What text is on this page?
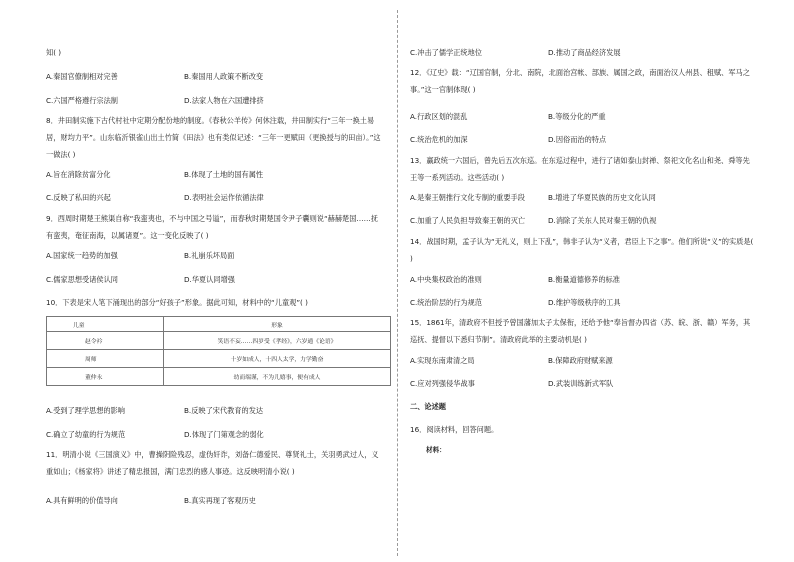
知( )
A.秦国官僚制相对完善	B.秦国用人政策不断改变
C.六国严格遵行宗法制	D.法家人物在六国遭排挤
8．井田制实施下古代村社中定期分配份地的制度。《春秋公羊传》何休注载，井田制实行“三年一换土易居，财均力平”。山东临沂银雀山出土竹简《田法》也有类似记述：“三年一更赋田（更换授与的田亩）。”这一做法( )
A.旨在消除贫富分化	B.体现了土地的国有属性
C.反映了私田的兴起	D.表明社会运作依循法律
9．西周时期楚王熊渠自称“我蛮夷也，不与中国之号谥”，而春秋时期楚国令尹子囊则说“赫赫楚国……抚有蛮夷，奄征南海，以属诸夏”。这一变化反映了( )
A.国家统一趋势的加强	B.礼崩乐坏局面
C.儒家思想受诸侯认同	D.华夏认同增强
10．下表是宋人笔下涌现出的部分“好孩子”形象。据此可知，材料中的“儿童观”( )
儿童	形象
赵令衿	笑语不妄……四岁受《孝经》，六岁通《论语》
周师	十岁如成人，十四人太学，力学勤奋
董仲永	幼而端谨，不为儿嬉事，便有成人
A.受到了理学思想的影响	B.反映了宋代教育的发达
C.确立了幼童的行为规范	D.体现了门第观念的弱化
11．明清小说《三国演义》中，曹操阴险残忍，虚伪奸诈，刘备仁德爱民、尊贤礼士，关羽勇武过人，义重如山；《杨家将》讲述了精忠报国，满门忠烈的感人事迹。这反映明清小说( )
A.具有鲜明的价值导向	B.真实再现了客观历史
C.冲击了儒学正统地位	D.推动了商品经济发展
12．《辽史》载：“辽国官制，分北、南院，北面治宫帐、部族、属国之政，南面治汉人州县、租赋、军马之事。”这一官制体现( )
A.行政区划的混乱	B.等级分化的严重
C.统治危机的加深	D.因俗而治的特点
13．赢政统一六国后，曾先后五次东巡。在东巡过程中，进行了诸如泰山封禅、祭祀文化名山和尧、舜等先王等一系列活动。这些活动( )
A.是秦王朝推行文化专制的重要手段	B.增进了华夏民族的历史文化认同
C.加重了人民负担导致秦王朝的灭亡	D.消除了关东人民对秦王朝的仇视
14．战国时期，孟子认为“无礼义，则上下乱”，韩非子认为“义者，君臣上下之事”。他们所说“义”的实质是( )
A.中央集权政治的准则	B.衡量道德修养的标准
C.统治阶层的行为规范	D.维护等级秩序的工具
15．1861年，清政府不但授予曾国藩加太子太保衔，还给予他“奉旨督办四省（苏、皖、浙、赣）军务，其巡抚、提督以下悉归节制”。清政府此举的主要动机是( )
A.实现东南肃清之局	B.保障政府财赋来源
C.应对列强侵华战事	D.武装训练新式军队
二、论述题
16．阅读材料，回答问题。
材料：
